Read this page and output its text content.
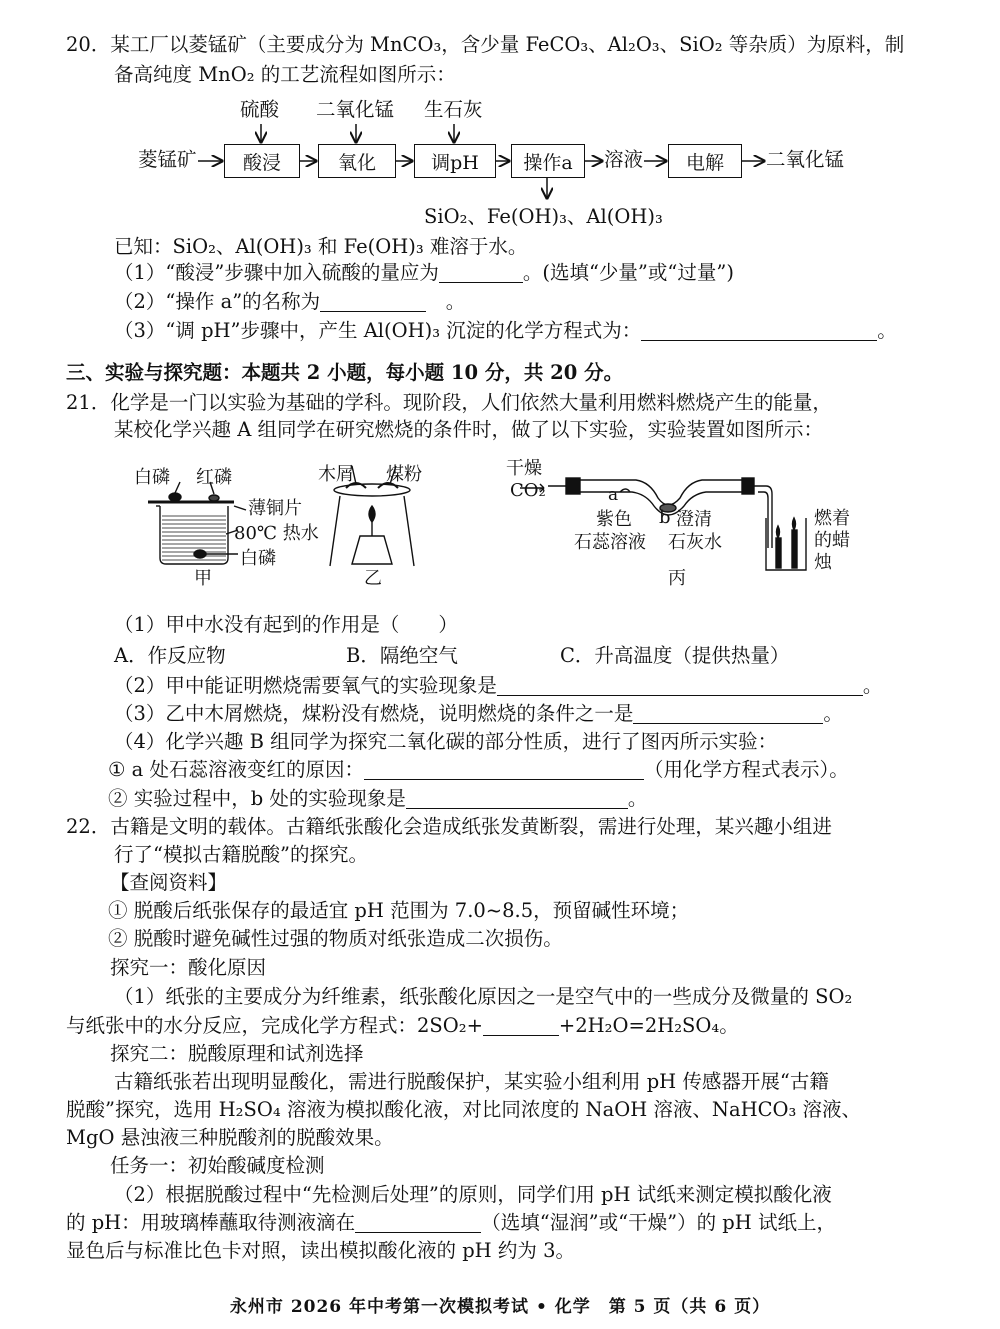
20．某工厂以菱锰矿（主要成分为 MnCO₃，含少量 FeCO₃、Al₂O₃、SiO₂ 等杂质）为原料，制
备高纯度 MnO₂ 的工艺流程如图所示：
菱锰矿
硫酸 二氧化锰 生石灰
酸浸	氧化	调pH	操作a	溶液	电解	二氧化锰
SiO₂、Fe(OH)₃、Al(OH)₃
已知：SiO₂、Al(OH)₃ 和 Fe(OH)₃ 难溶于水。
（1）“酸浸”步骤中加入硫酸的量应为	。(选填“少量”或“过量”)
（2）“操作 a”的名称为　	。
（3）“调 pH”步骤中，产生 Al(OH)₃ 沉淀的化学方程式为：	。
三、实验与探究题：本题共 2 小题，每小题 10 分，共 20 分。
21．化学是一门以实验为基础的学科。现阶段，人们依然大量利用燃料燃烧产生的能量，
某校化学兴趣 A 组同学在研究燃烧的条件时，做了以下实验，实验装置如图所示：
白磷 红磷
薄铜片
80℃ 热水
白磷
甲
木屑 煤粉
乙
干燥
CO₂	a
b
紫色
石蕊溶液
澄清
石灰水
燃着
的蜡
烛
丙
（1）甲中水没有起到的作用是（　　）
A．作反应物	B．隔绝空气	C．升高温度（提供热量）
（2）甲中能证明燃烧需要氧气的实验现象是	。
（3）乙中木屑燃烧，煤粉没有燃烧，说明燃烧的条件之一是	。
（4）化学兴趣 B 组同学为探究二氧化碳的部分性质，进行了图丙所示实验：
① a 处石蕊溶液变红的原因：	（用化学方程式表示）。
② 实验过程中，b 处的实验现象是	。
22．古籍是文明的载体。古籍纸张酸化会造成纸张发黄断裂，需进行处理，某兴趣小组进
行了“模拟古籍脱酸”的探究。
【查阅资料】
① 脱酸后纸张保存的最适宜 pH 范围为 7.0~8.5，预留碱性环境；
② 脱酸时避免碱性过强的物质对纸张造成二次损伤。
探究一：酸化原因
（1）纸张的主要成分为纤维素，纸张酸化原因之一是空气中的一些成分及微量的 SO₂
与纸张中的水分反应，完成化学方程式：2SO₂+	+2H₂O=2H₂SO₄。
探究二：脱酸原理和试剂选择
古籍纸张若出现明显酸化，需进行脱酸保护，某实验小组利用 pH 传感器开展“古籍
脱酸”探究，选用 H₂SO₄ 溶液为模拟酸化液，对比同浓度的 NaOH 溶液、NaHCO₃ 溶液、
MgO 悬浊液三种脱酸剂的脱酸效果。
任务一：初始酸碱度检测
（2）根据脱酸过程中“先检测后处理”的原则，同学们用 pH 试纸来测定模拟酸化液
的 pH：用玻璃棒蘸取待测液滴在	（选填“湿润”或“干燥”）的 pH 试纸上，
显色后与标准比色卡对照，读出模拟酸化液的 pH 约为 3。
永州市 2026 年中考第一次模拟考试 • 化学　第 5 页（共 6 页）
